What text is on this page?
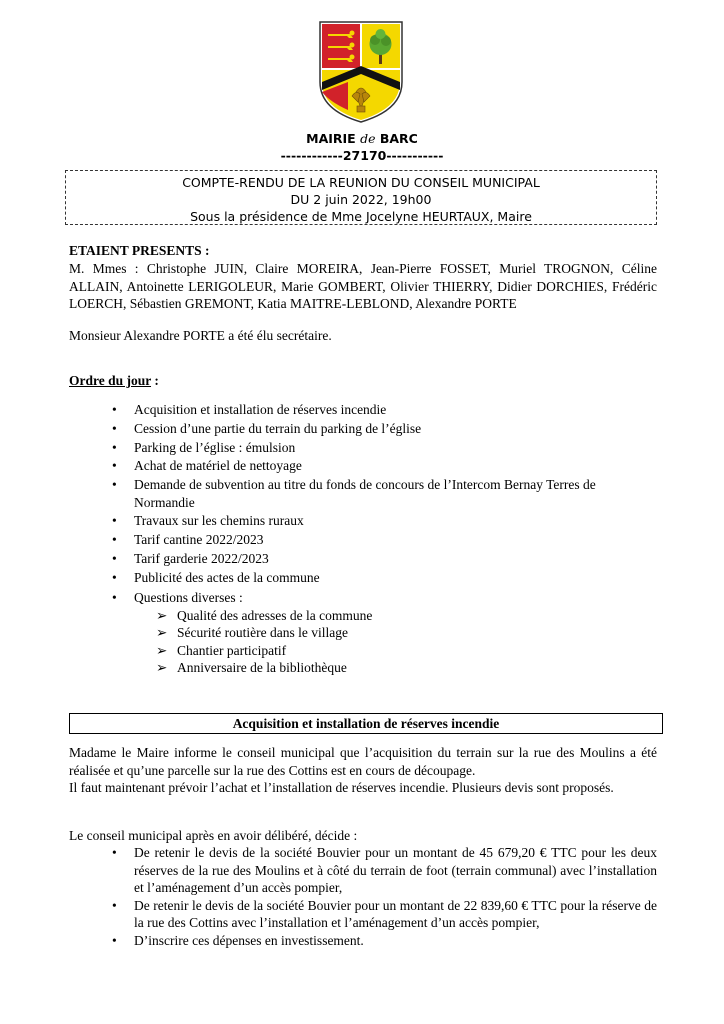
MAIRIE de BARC
------------27170-----------
COMPTE-RENDU DE LA REUNION DU CONSEIL MUNICIPAL
DU 2 juin 2022, 19h00
Sous la présidence de Mme Jocelyne HEURTAUX, Maire
ETAIENT PRESENTS :
M. Mmes : Christophe JUIN, Claire MOREIRA, Jean-Pierre FOSSET, Muriel TROGNON, Céline ALLAIN, Antoinette LERIGOLEUR, Marie GOMBERT, Olivier THIERRY, Didier DORCHIES, Frédéric LOERCH, Sébastien GREMONT, Katia MAITRE-LEBLOND, Alexandre PORTE
Monsieur Alexandre PORTE a été élu secrétaire.
Ordre du jour :
• Acquisition et installation de réserves incendie
• Cession d’une partie du terrain du parking de l’église
• Parking de l’église : émulsion
• Achat de matériel de nettoyage
• Demande de subvention au titre du fonds de concours de l’Intercom Bernay Terres de Normandie
• Travaux sur les chemins ruraux
• Tarif cantine 2022/2023
• Tarif garderie 2022/2023
• Publicité des actes de la commune
• Questions diverses :
➢ Qualité des adresses de la commune
➢ Sécurité routière dans le village
➢ Chantier participatif
➢ Anniversaire de la bibliothèque
Acquisition et installation de réserves incendie
Madame le Maire informe le conseil municipal que l’acquisition du terrain sur la rue des Moulins a été réalisée et qu’une parcelle sur la rue des Cottins est en cours de découpage.
Il faut maintenant prévoir l’achat et l’installation de réserves incendie. Plusieurs devis sont proposés.
Le conseil municipal après en avoir délibéré, décide :
• De retenir le devis de la société Bouvier pour un montant de 45 679,20 € TTC pour les deux réserves de la rue des Moulins et à côté du terrain de foot (terrain communal) avec l’installation et l’aménagement d’un accès pompier,
• De retenir le devis de la société Bouvier pour un montant de 22 839,60 € TTC pour la réserve de la rue des Cottins avec l’installation et l’aménagement d’un accès pompier,
• D’inscrire ces dépenses en investissement.
